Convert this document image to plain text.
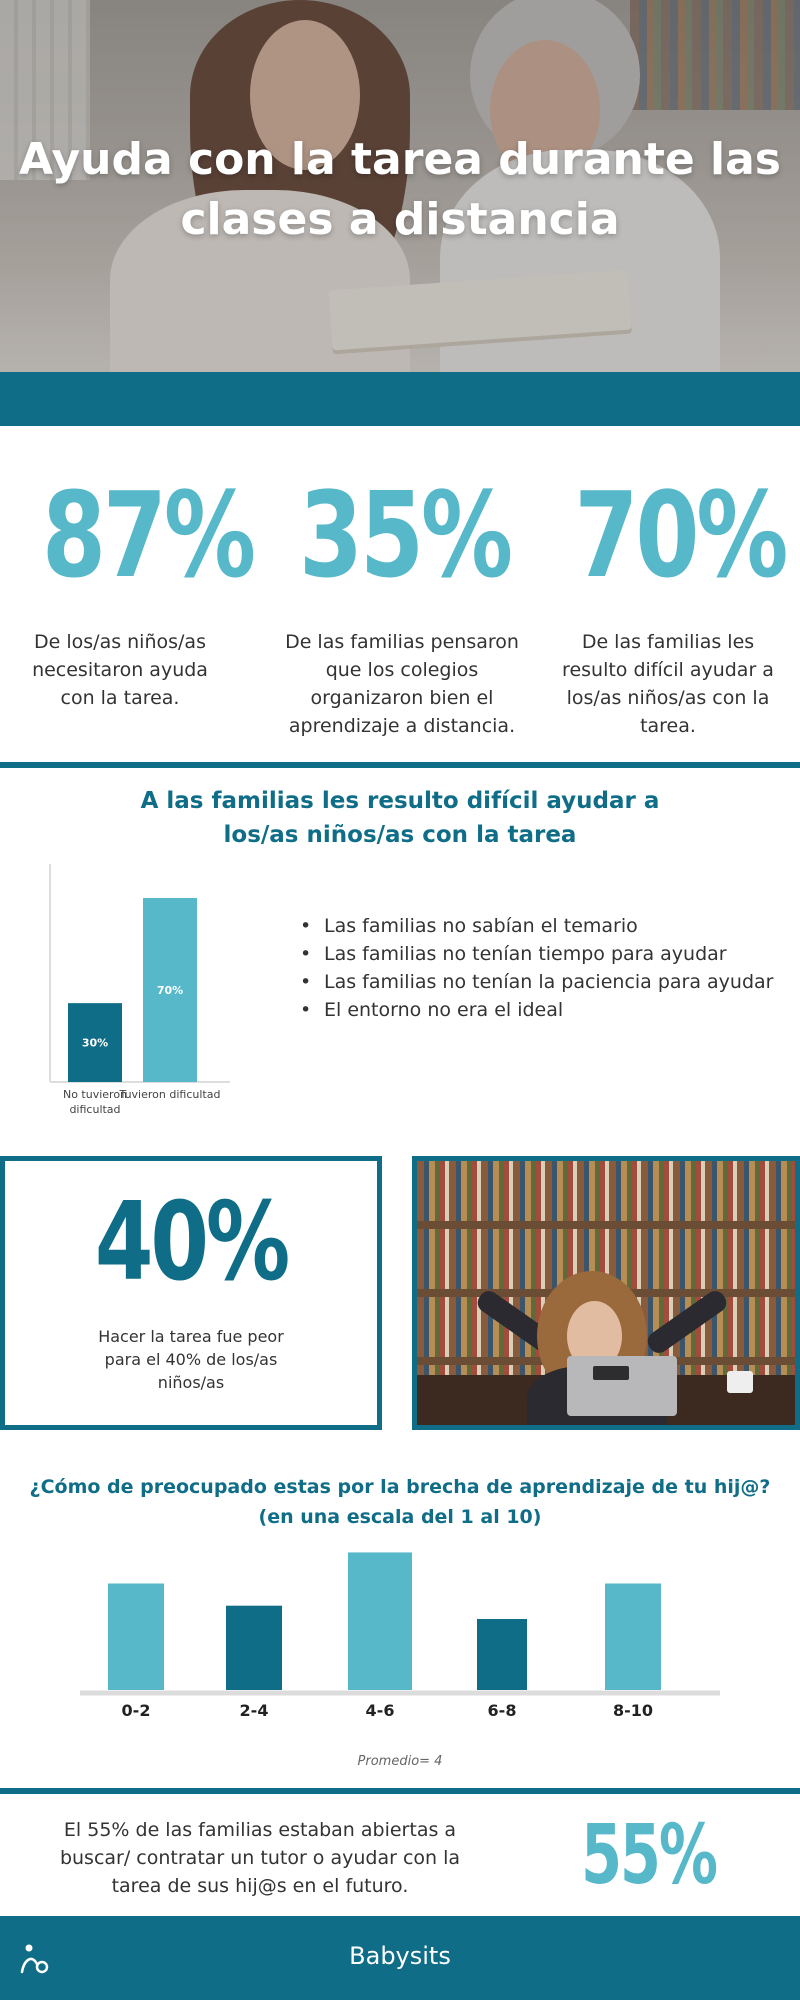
Ayuda con la tarea durante las
clases a distancia
87%
De los/as niños/as
necesitaron ayuda
con la tarea.
35%
De las familias pensaron
que los colegios
organizaron bien el
aprendizaje a distancia.
70%
De las familias les
resulto difícil ayudar a
los/as niños/as con la
tarea.
A las familias les resulto difícil ayudar a
los/as niños/as con la tarea
30%
No tuvieron
dificultad
70%
Tuvieron dificultad
• Las familias no sabían el temario
• Las familias no tenían tiempo para ayudar
• Las familias no tenían la paciencia para ayudar
• El entorno no era el ideal
40%
Hacer la tarea fue peor para el 40% de los/as niños/as
¿Cómo de preocupado estas por la brecha de aprendizaje de tu hij@?
(en una escala del 1 al 10)
0-2	2-4	4-6	6-8	8-10
Promedio= 4
El 55% de las familias estaban abiertas a buscar/ contratar un tutor o ayudar con la tarea de sus hij@s en el futuro.	55%
Babysits
